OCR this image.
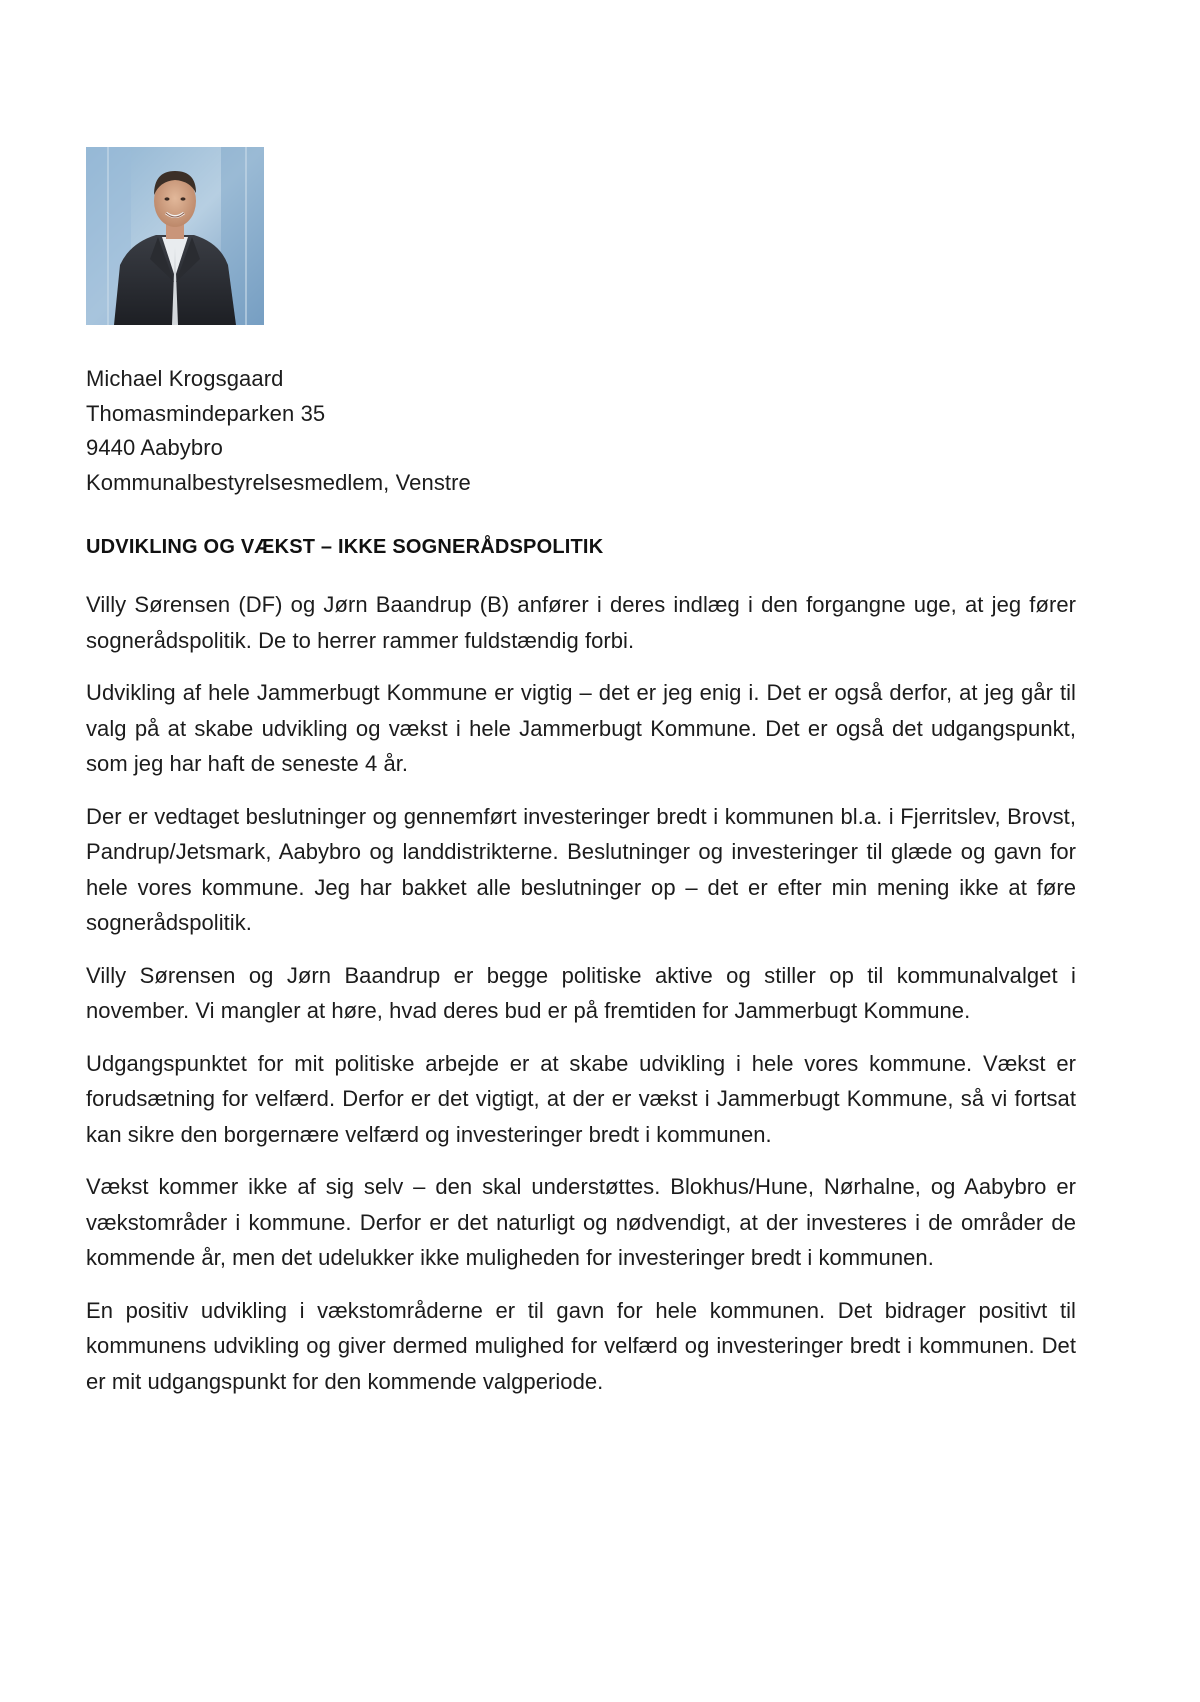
Michael Krogsgaard
Thomasmindeparken 35
9440 Aabybro
Kommunalbestyrelsesmedlem, Venstre
UDVIKLING OG VÆKST – IKKE SOGNERÅDSPOLITIK

Villy Sørensen (DF) og Jørn Baandrup (B) anfører i deres indlæg i den forgangne uge, at jeg fører sognerådspolitik. De to herrer rammer fuldstændig forbi.

Udvikling af hele Jammerbugt Kommune er vigtig – det er jeg enig i. Det er også derfor, at jeg går til valg på at skabe udvikling og vækst i hele Jammerbugt Kommune. Det er også det udgangspunkt, som jeg har haft de seneste 4 år.

Der er vedtaget beslutninger og gennemført investeringer bredt i kommunen bl.a. i Fjerritslev, Brovst, Pandrup/Jetsmark, Aabybro og landdistrikterne. Beslutninger og investeringer til glæde og gavn for hele vores kommune. Jeg har bakket alle beslutninger op – det er efter min mening ikke at føre sognerådspolitik.

Villy Sørensen og Jørn Baandrup er begge politiske aktive og stiller op til kommunalvalget i november. Vi mangler at høre, hvad deres bud er på fremtiden for Jammerbugt Kommune.

Udgangspunktet for mit politiske arbejde er at skabe udvikling i hele vores kommune. Vækst er forudsætning for velfærd. Derfor er det vigtigt, at der er vækst i Jammerbugt Kommune, så vi fortsat kan sikre den borgernære velfærd og investeringer bredt i kommunen.

Vækst kommer ikke af sig selv – den skal understøttes. Blokhus/Hune, Nørhalne, og Aabybro er vækstområder i kommune. Derfor er det naturligt og nødvendigt, at der investeres i de områder de kommende år, men det udelukker ikke muligheden for investeringer bredt i kommunen.

En positiv udvikling i vækstområderne er til gavn for hele kommunen. Det bidrager positivt til kommunens udvikling og giver dermed mulighed for velfærd og investeringer bredt i kommunen. Det er mit udgangspunkt for den kommende valgperiode.
